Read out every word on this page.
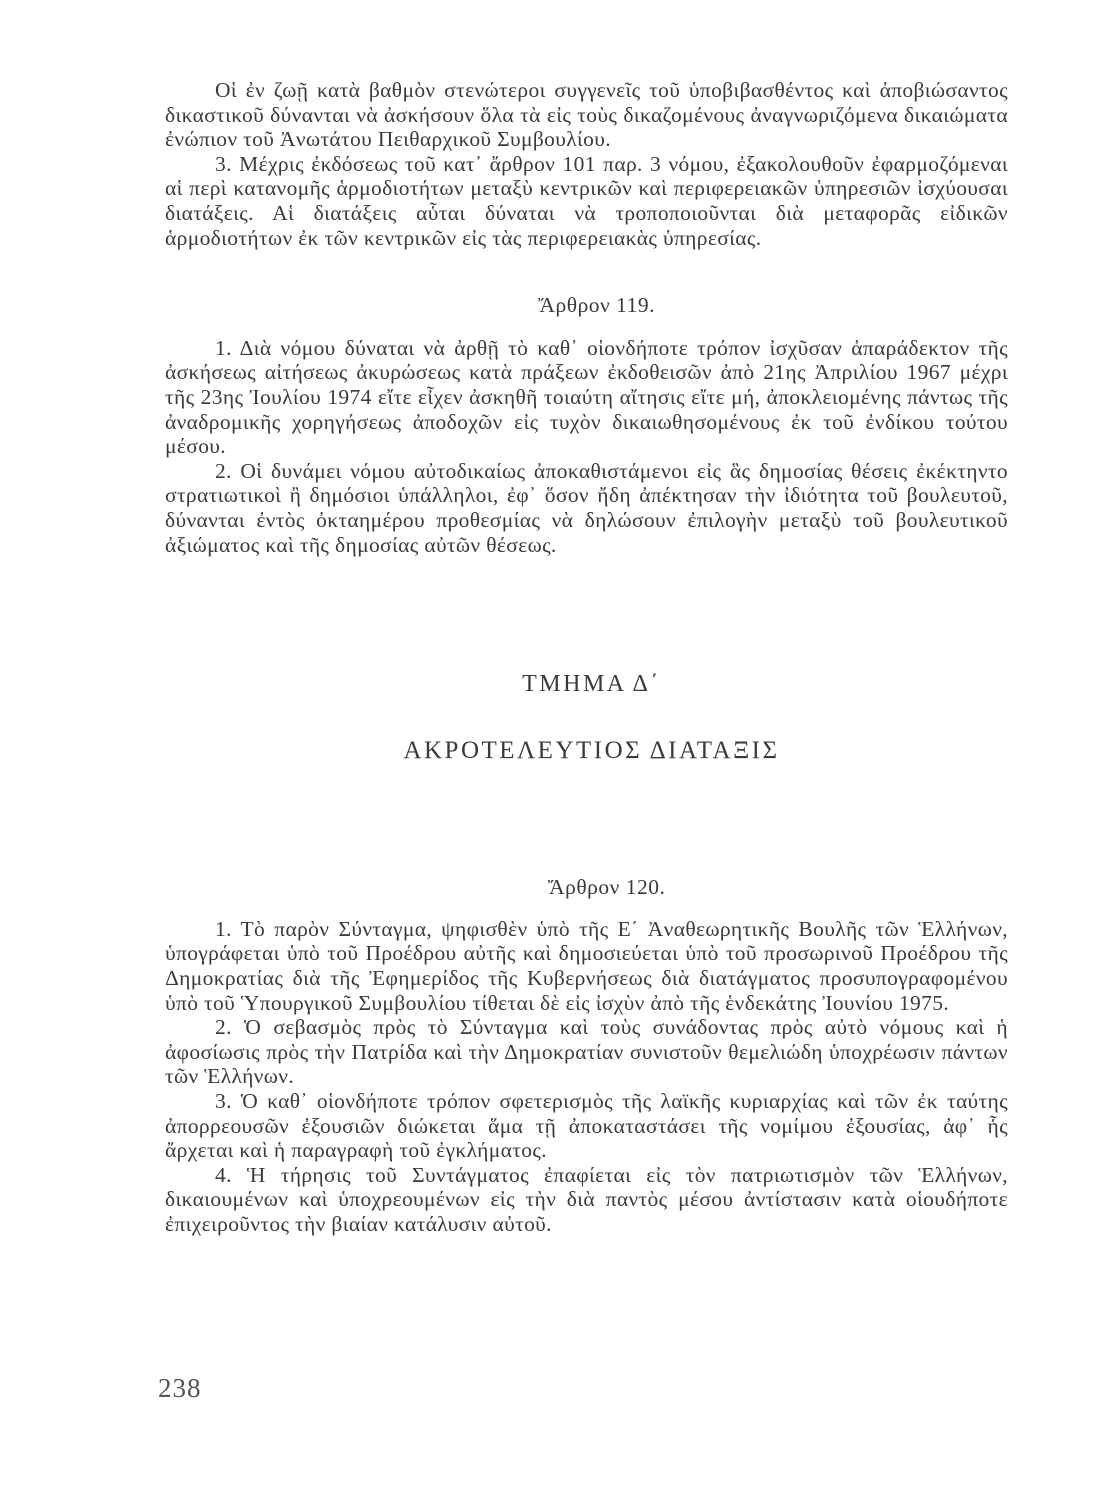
Οἱ ἐν ζωῇ κατὰ βαθμὸν στενώτεροι συγγενεῖς τοῦ ὑποβιβασθέντος καὶ ἀποβιώσαντος δικαστικοῦ δύνανται νὰ ἀσκήσουν ὅλα τὰ εἰς τοὺς δικαζομένους ἀναγνωριζόμενα δικαιώματα ἐνώπιον τοῦ Ἀνωτάτου Πειθαρχικοῦ Συμβουλίου.

3. Μέχρις ἐκδόσεως τοῦ κατ᾿ ἄρθρον 101 παρ. 3 νόμου, ἐξακολουθοῦν ἐφαρμοζόμεναι αἱ περὶ κατανομῆς ἁρμοδιοτήτων μεταξὺ κεντρικῶν καὶ περιφερειακῶν ὑπηρεσιῶν ἰσχύουσαι διατάξεις. Αἱ διατάξεις αὗται δύναται νὰ τροποποιοῦνται διὰ μεταφορᾶς εἰδικῶν ἁρμοδιοτήτων ἐκ τῶν κεντρικῶν εἰς τὰς περιφερειακὰς ὑπηρεσίας.

Ἄρθρον 119.

1. Διὰ νόμου δύναται νὰ ἀρθῇ τὸ καθ᾿ οἱονδήποτε τρόπον ἰσχῦσαν ἀπαράδεκτον τῆς ἀσκήσεως αἰτήσεως ἀκυρώσεως κατὰ πράξεων ἐκδοθεισῶν ἀπὸ 21ης Ἀπριλίου 1967 μέχρι τῆς 23ης Ἰουλίου 1974 εἴτε εἶχεν ἀσκηθῆ τοιαύτη αἴτησις εἴτε μή, ἀποκλειομένης πάντως τῆς ἀναδρομικῆς χορηγήσεως ἀποδοχῶν εἰς τυχὸν δικαιωθησομένους ἐκ τοῦ ἐνδίκου τούτου μέσου.

2. Οἱ δυνάμει νόμου αὐτοδικαίως ἀποκαθιστάμενοι εἰς ἃς δημοσίας θέσεις ἐκέκτηντο στρατιωτικοὶ ἢ δημόσιοι ὑπάλληλοι, ἐφ᾿ ὅσον ἤδη ἀπέκτησαν τὴν ἰδιότητα τοῦ βουλευτοῦ, δύνανται ἐντὸς ὀκταημέρου προθεσμίας νὰ δηλώσουν ἐπιλογὴν μεταξὺ τοῦ βουλευτικοῦ ἀξιώματος καὶ τῆς δημοσίας αὐτῶν θέσεως.

ΤΜΗΜΑ Δ΄

ΑΚΡΟΤΕΛΕΥΤΙΟΣ ΔΙΑΤΑΞΙΣ

Ἄρθρον 120.

1. Τὸ παρὸν Σύνταγμα, ψηφισθὲν ὑπὸ τῆς Ε΄ Ἀναθεωρητικῆς Βουλῆς τῶν Ἑλλήνων, ὑπογράφεται ὑπὸ τοῦ Προέδρου αὐτῆς καὶ δημοσιεύεται ὑπὸ τοῦ προσωρινοῦ Προέδρου τῆς Δημοκρατίας διὰ τῆς Ἐφημερίδος τῆς Κυβερνήσεως διὰ διατάγματος προσυπογραφομένου ὑπὸ τοῦ Ὑπουργικοῦ Συμβουλίου τίθεται δὲ εἰς ἰσχὺν ἀπὸ τῆς ἑνδεκάτης Ἰουνίου 1975.

2. Ὁ σεβασμὸς πρὸς τὸ Σύνταγμα καὶ τοὺς συνάδοντας πρὸς αὐτὸ νόμους καὶ ἡ ἀφοσίωσις πρὸς τὴν Πατρίδα καὶ τὴν Δημοκρατίαν συνιστοῦν θεμελιώδη ὑποχρέωσιν πάντων τῶν Ἑλλήνων.

3. Ὁ καθ᾿ οἱονδήποτε τρόπον σφετερισμὸς τῆς λαϊκῆς κυριαρχίας καὶ τῶν ἐκ ταύτης ἀπορρεουσῶν ἐξουσιῶν διώκεται ἅμα τῇ ἀποκαταστάσει τῆς νομίμου ἐξουσίας, ἀφ᾿ ἧς ἄρχεται καὶ ἡ παραγραφὴ τοῦ ἐγκλήματος.

4. Ἡ τήρησις τοῦ Συντάγματος ἐπαφίεται εἰς τὸν πατριωτισμὸν τῶν Ἑλλήνων, δικαιουμένων καὶ ὑποχρεουμένων εἰς τὴν διὰ παντὸς μέσου ἀντίστασιν κατὰ οἱουδήποτε ἐπιχειροῦντος τὴν βιαίαν κατάλυσιν αὐτοῦ.

238
